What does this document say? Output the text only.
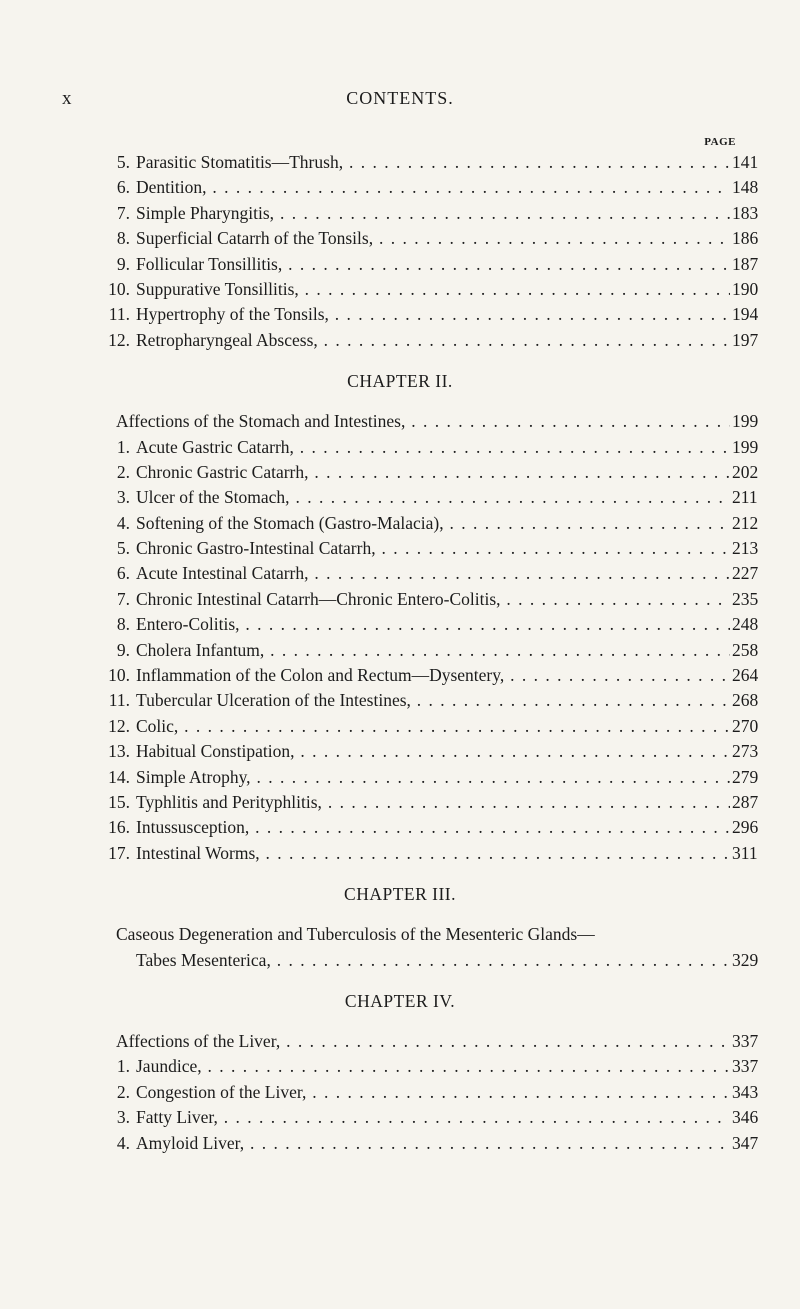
x	CONTENTS.
PAGE
5. Parasitic Stomatitis—Thrush, . . .	141
6. Dentition, . . .	148
7. Simple Pharyngitis, . . .	183
8. Superficial Catarrh of the Tonsils, . . .	186
9. Follicular Tonsillitis, . . .	187
10. Suppurative Tonsillitis, . . .	190
11. Hypertrophy of the Tonsils, . . .	194
12. Retropharyngeal Abscess, . . .	197
CHAPTER II.
Affections of the Stomach and Intestines, . . .	199
1. Acute Gastric Catarrh, . . .	199
2. Chronic Gastric Catarrh, . . .	202
3. Ulcer of the Stomach, . . .	211
4. Softening of the Stomach (Gastro-Malacia), . . .	212
5. Chronic Gastro-Intestinal Catarrh, . . .	213
6. Acute Intestinal Catarrh, . . .	227
7. Chronic Intestinal Catarrh—Chronic Entero-Colitis, . . .	235
8. Entero-Colitis, . . .	248
9. Cholera Infantum, . . .	258
10. Inflammation of the Colon and Rectum—Dysentery, . . .	264
11. Tubercular Ulceration of the Intestines, . . .	268
12. Colic, . . .	270
13. Habitual Constipation, . . .	273
14. Simple Atrophy, . . .	279
15. Typhlitis and Perityphlitis, . . .	287
16. Intussusception, . . .	296
17. Intestinal Worms, . . .	311
CHAPTER III.
Caseous Degeneration and Tuberculosis of the Mesenteric Glands—
Tabes Mesenterica, . . .	329
CHAPTER IV.
Affections of the Liver, . . .	337
1. Jaundice, . . .	337
2. Congestion of the Liver, . . .	343
3. Fatty Liver, . . .	346
4. Amyloid Liver, . . .	347
